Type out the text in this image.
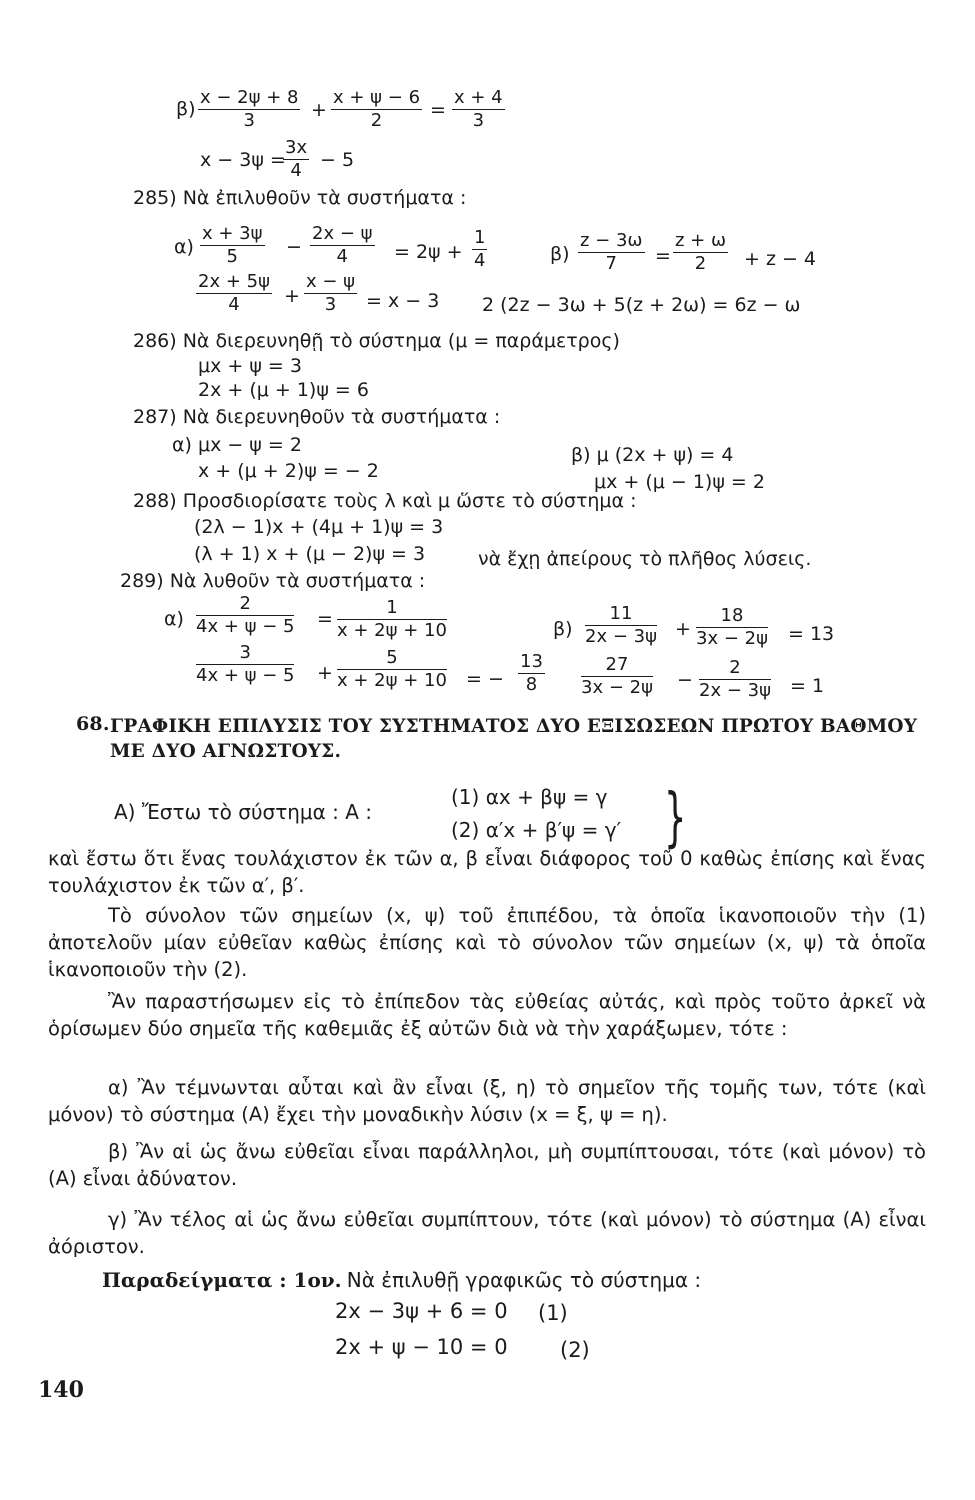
$\beta) \frac{x - 2\psi + 8}{3} + \frac{x + \psi - 6}{2} = \frac{x + 4}{3}$
x − 3ψ =
$\frac{3x}{4} - 5$
285) Νὰ ἐπιλυθοῦν τὰ συστήματα :
$\alpha) \frac{x + 3\psi}{5} - \frac{2x - \psi}{4} = 2\psi + \frac{1}{4}$
$\frac{2x + 5\psi}{4} + \frac{x - \psi}{3} = x - 3$
$\beta) \frac{z - 3\omega}{7} = \frac{z + \omega}{2} + z - 4$
2 (2z − 3ω + 5(z + 2ω) = 6z − ω
286) Νὰ διερευνηθῇ τὸ σύστημα (μ = παράμετρος)
μx + ψ = 3
2x + (μ + 1)ψ = 6
287) Νὰ διερευνηθοῦν τὰ συστήματα :
α) μx − ψ = 2
x + (μ + 2)ψ = − 2
β) μ (2x + ψ) = 4
μx + (μ − 1)ψ = 2
288) Προσδιορίσατε τοὺς λ καὶ μ ὥστε τὸ σύστημα :
(2λ − 1)x + (4μ + 1)ψ = 3
(λ + 1) x + (μ − 2)ψ = 3	νὰ ἔχῃ ἀπείρους τὸ πλῆθος λύσεις.
289) Νὰ λυθοῦν τὰ συστήματα :
$\alpha) \frac{2}{4x + \psi - 5} = \frac{1}{x + 2\psi + 10}$
$\frac{3}{4x + \psi - 5} + \frac{5}{x + 2\psi + 10}$ = − $\frac{13}{8}$
$\beta) \frac{11}{2x - 3\psi} + \frac{18}{3x - 2\psi} = 13$
$\frac{27}{3x - 2\psi} - \frac{2}{2x - 3\psi} = 1$
68. ΓΡΑΦΙΚΗ ΕΠΙΛΥΣΙΣ ΤΟΥ ΣΥΣΤΗΜΑΤΟΣ ΔΥΟ ΕΞΙΣΩΣΕΩΝ ΠΡΩΤΟΥ ΒΑΘΜΟΥ
ΜΕ ΔΥΟ ΑΓΝΩΣΤΟΥΣ.
Α) Ἔστω τὸ σύστημα : Α :
(1) αx + βψ = γ
(2) α′x + β′ψ = γ′ }
καὶ ἔστω ὅτι ἕνας τουλάχιστον ἐκ τῶν α, β εἶναι διάφορος τοῦ 0 καθὼς ἐπίσης καὶ ἕνας τουλάχιστον ἐκ τῶν α′, β′.
Τὸ σύνολον τῶν σημείων (x, ψ) τοῦ ἐπιπέδου, τὰ ὁποῖα ἱκανοποιοῦν τὴν (1) ἀποτελοῦν μίαν εὐθεῖαν καθὼς ἐπίσης καὶ τὸ σύνολον τῶν σημείων (x, ψ) τὰ ὁποῖα ἱκανοποιοῦν τὴν (2).
Ἂν παραστήσωμεν εἰς τὸ ἐπίπεδον τὰς εὐθείας αὐτάς, καὶ πρὸς τοῦτο ἀρκεῖ νὰ ὁρίσωμεν δύο σημεῖα τῆς καθεμιᾶς ἐξ αὐτῶν διὰ νὰ τὴν χαράξωμεν, τότε :
α) Ἂν τέμνωνται αὗται καὶ ἂν εἶναι (ξ, η) τὸ σημεῖον τῆς τομῆς των, τότε (καὶ μόνον) τὸ σύστημα (Α) ἔχει τὴν μοναδικὴν λύσιν (x = ξ, ψ = η).
β) Ἂν αἱ ὡς ἄνω εὐθεῖαι εἶναι παράλληλοι, μὴ συμπίπτουσαι, τότε (καὶ μόνον) τὸ (Α) εἶναι ἀδύνατον.
γ) Ἂν τέλος αἱ ὡς ἄνω εὐθεῖαι συμπίπτουν, τότε (καὶ μόνον) τὸ σύστημα (Α) εἶναι ἀόριστον.
Παραδείγματα : 1ον. Νὰ ἐπιλυθῇ γραφικῶς τὸ σύστημα :
2x − 3ψ + 6 = 0 (1)
2x + ψ − 10 = 0 (2)
140
